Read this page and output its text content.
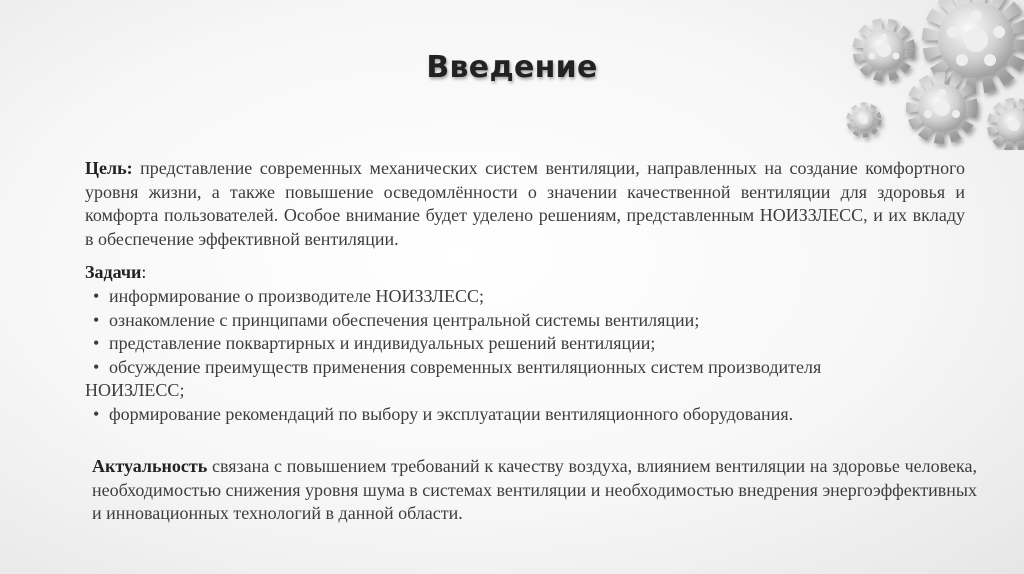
Введение
Цель: представление современных механических систем вентиляции, направленных на создание комфортного уровня жизни, а также повышение осведомлённости о значении качественной вентиляции для здоровья и комфорта пользователей. Особое внимание будет уделено решениям, представленным НОИЗЗЛЕСС, и их вкладу в обеспечение эффективной вентиляции.
Задачи:
• информирование о производителе НОИЗЗЛЕСС;
• ознакомление с принципами обеспечения центральной системы вентиляции;
• представление поквартирных и индивидуальных решений вентиляции;
• обсуждение преимуществ применения современных вентиляционных систем производителя
НОИЗЛЕСС;
• формирование рекомендаций по выбору и эксплуатации вентиляционного оборудования.
Актуальность связана с повышением требований к качеству воздуха, влиянием вентиляции на здоровье человека, необходимостью снижения уровня шума в системах вентиляции и необходимостью внедрения энергоэффективных и инновационных технологий в данной области.
